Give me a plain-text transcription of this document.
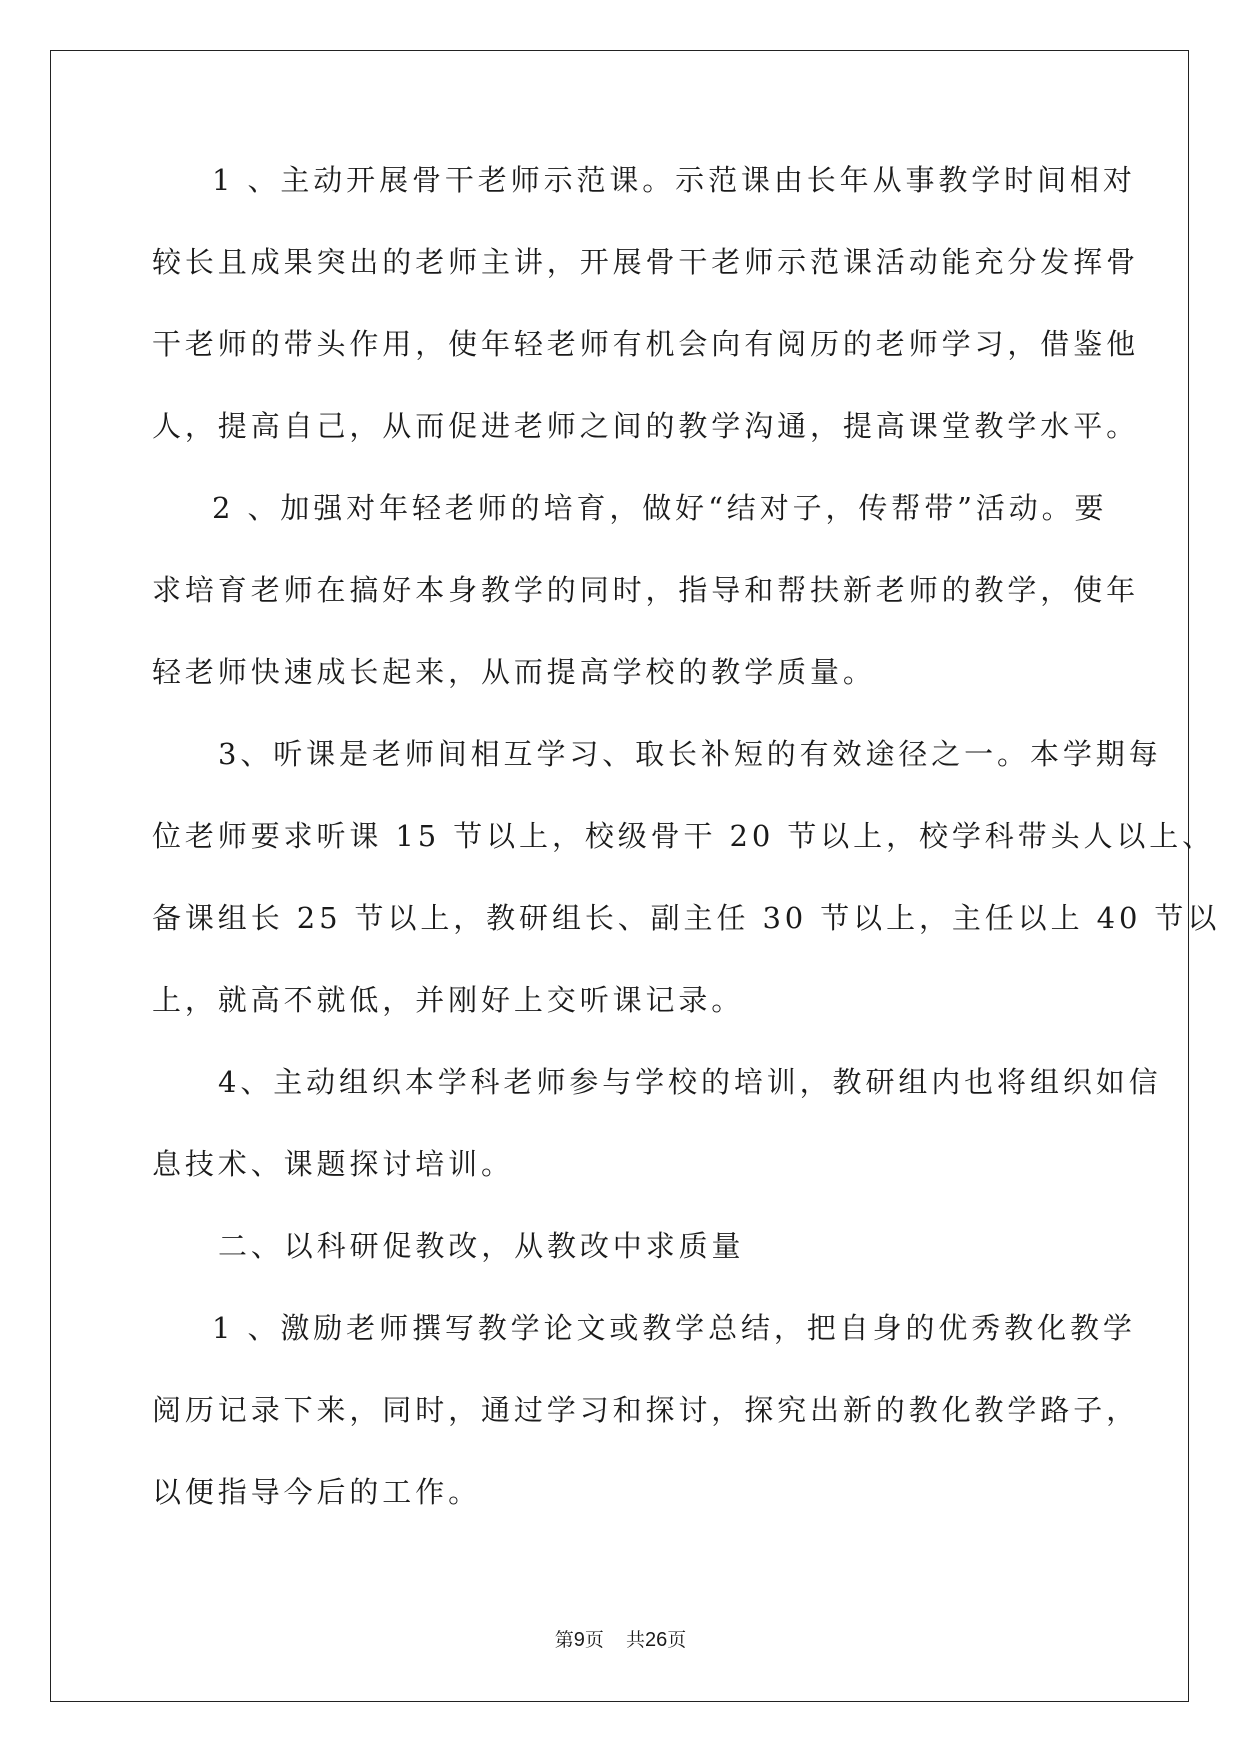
1 、主动开展骨干老师示范课。示范课由长年从事教学时间相对
较长且成果突出的老师主讲，开展骨干老师示范课活动能充分发挥骨
干老师的带头作用，使年轻老师有机会向有阅历的老师学习，借鉴他
人，提高自己，从而促进老师之间的教学沟通，提高课堂教学水平。
2 、加强对年轻老师的培育，做好“结对子，传帮带”活动。要
求培育老师在搞好本身教学的同时，指导和帮扶新老师的教学，使年
轻老师快速成长起来，从而提高学校的教学质量。
3、听课是老师间相互学习、取长补短的有效途径之一。本学期每
位老师要求听课 15 节以上，校级骨干 20 节以上，校学科带头人以上、
备课组长 25 节以上，教研组长、副主任 30 节以上，主任以上 40 节以
上，就高不就低，并刚好上交听课记录。
4、主动组织本学科老师参与学校的培训，教研组内也将组织如信
息技术、课题探讨培训。
二、以科研促教改，从教改中求质量
1 、激励老师撰写教学论文或教学总结，把自身的优秀教化教学
阅历记录下来，同时，通过学习和探讨，探究出新的教化教学路子，
以便指导今后的工作。
第9页 共26页
